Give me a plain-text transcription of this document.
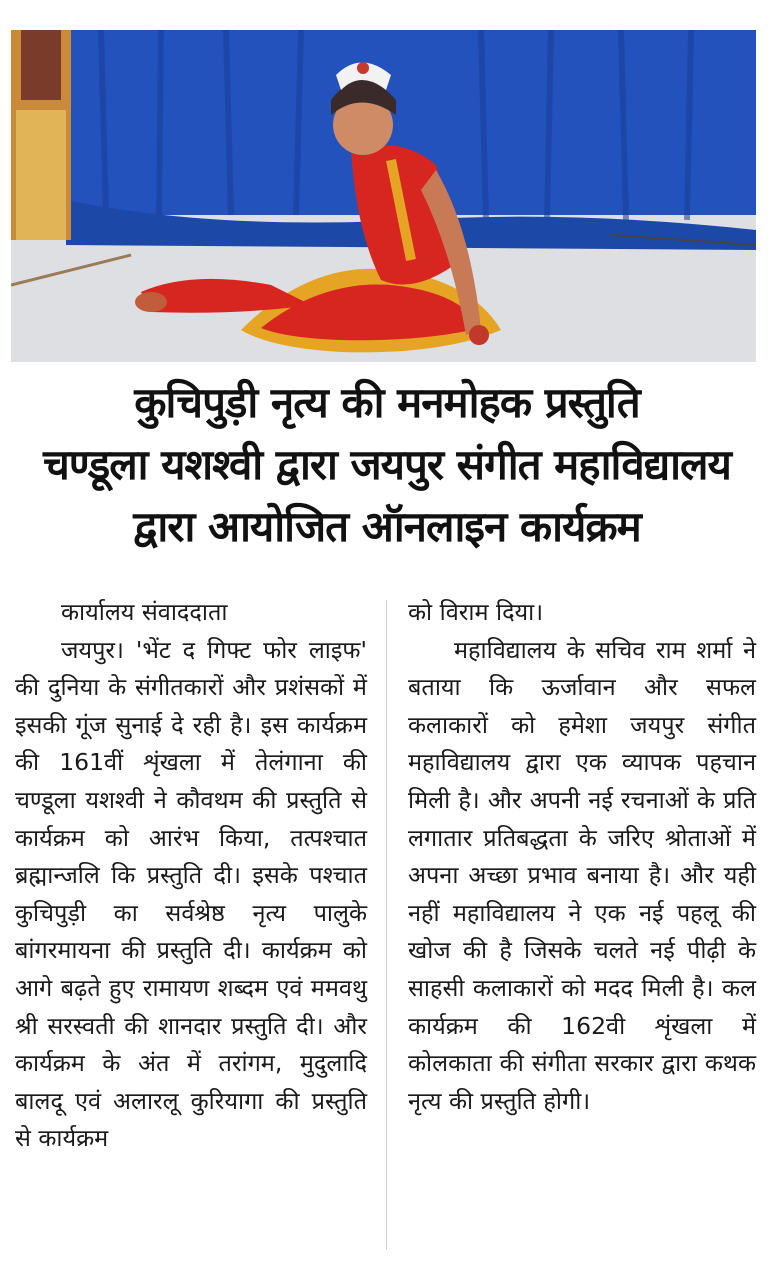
कुचिपुड़ी नृत्य की मनमोहक प्रस्तुति
चण्डूला यशश्वी द्वारा जयपुर संगीत महाविद्यालय
द्वारा आयोजित ऑनलाइन कार्यक्रम

कार्यालय संवाददाता

जयपुर। 'भेंट द गिफ्ट फोर लाइफ' की दुनिया के संगीतकारों और प्रशंसकों में इसकी गूंज सुनाई दे रही है। इस कार्यक्रम की 161वीं शृंखला में तेलंगाना की चण्डूला यशश्वी ने कौवथम की प्रस्तुति से कार्यक्रम को आरंभ किया, तत्पश्चात ब्रह्मान्जलि कि प्रस्तुति दी। इसके पश्चात कुचिपुड़ी का सर्वश्रेष्ठ नृत्य पालुके बांगरमायना की प्रस्तुति दी। कार्यक्रम को आगे बढ़ते हुए रामायण शब्दम एवं ममवथु श्री सरस्वती की शानदार प्रस्तुति दी। और कार्यक्रम के अंत में तरांगम, मुदुलादि बालदू एवं अलारलू कुरियागा की प्रस्तुति से कार्यक्रम

को विराम दिया।

महाविद्यालय के सचिव राम शर्मा ने बताया कि ऊर्जावान और सफल कलाकारों को हमेशा जयपुर संगीत महाविद्यालय द्वारा एक व्यापक पहचान मिली है। और अपनी नई रचनाओं के प्रति लगातार प्रतिबद्धता के जरिए श्रोताओं में अपना अच्छा प्रभाव बनाया है। और यही नहीं महाविद्यालय ने एक नई पहलू की खोज की है जिसके चलते नई पीढ़ी के साहसी कलाकारों को मदद मिली है। कल कार्यक्रम की 162वी शृंखला में कोलकाता की संगीता सरकार द्वारा कथक नृत्य की प्रस्तुति होगी।
